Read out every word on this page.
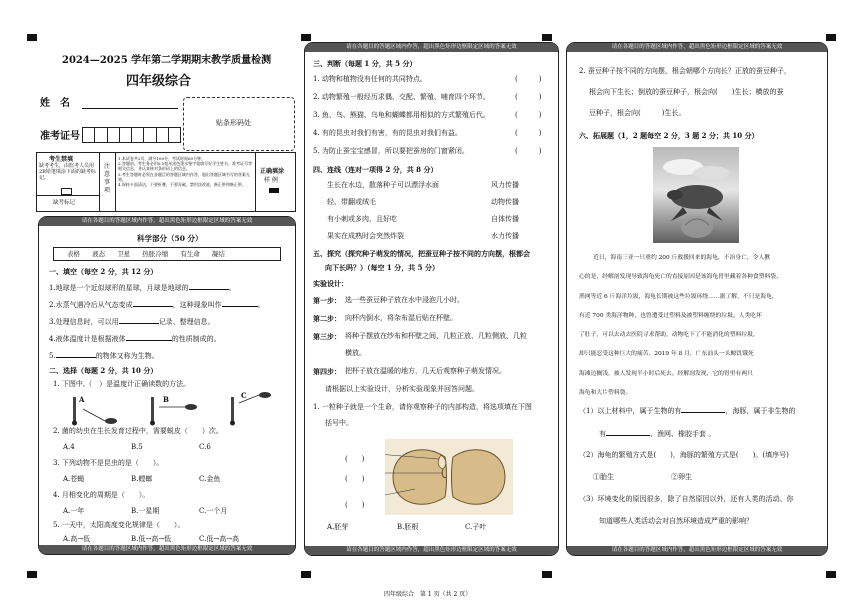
2024—2025 学年第二学期期末教学质量检测
四年级综合
姓　名
准考证号
贴条形码处
考生禁填
缺考考生，由监考人员用2B铅笔填涂下面的缺考标记。
缺考标记
注意事项
1.本试卷共2页，满分100分，考试时间60分钟。
2.答题前，考生务必用0.5毫米黑色墨水签字笔填写好学生姓名、准考证号等相关信息，并认真核对条形码上的信息。
3.考生答题时必须在各题目的答题区域内作答，超出答题区域书写的答案无效。
4.保持卡面清洁，不要折叠，不要弄破，禁用涂改液、修正带和修正带。
正确填涂
样 例
请在各题目的答题区域内作答，超出黑色矩形边框限定区域的答案无效
请在各题目的答题区域内作答，超出黑色矩形边框限定区域的答案无效
科学部分（50 分）
表格 液态 卫星 热胀冷缩 有生命 凝结
一、填空（每空 2 分，共 12 分）
1.地球是一个近似球形的星球，月球是地球的	。
2.水蒸气遇冷后从气态变成	，这种现象叫作	。
3.处理信息时，可以用	记录、整理信息。
4.液体温度计是根据液体	的性质制成的。
5.	的物体又称为生物。
二、选择（每题 2 分，共 10 分）
1. 下图中,（　）是温度计正确读数的方法。
A	B	C
2. 菌的幼虫在生长发育过程中，需要蜕皮（　　）次。
A.4	B.5	C.6
3. 下列动物不是昆虫的是（　　）。
A.苍蝇	B.螳螂	C.金鱼
4. 月相变化的周期是（　　）。
A.一年	B.一星期	C.一个月
5. 一天中，太阳高度变化规律是（　　）。
A.高→低	B.低→高→低	C.低→高→高
请在各题目的答题区域内作答，超出黑色矩形边框限定区域的答案无效
请在各题目的答题区域内作答，超出黑色矩形边框限定区域的答案无效
三、判断（每题 1 分，共 5 分）
1. 动物和植物没有任何的共同特点。	(　　　)
2. 动物繁殖一般经历求偶、交配、繁殖、哺育四个环节。	(　　　)
3. 鱼、鸟、熊猫、乌龟和蝴蝶都用相似的方式繁殖后代。	(　　　)
4. 有的昆虫对我们有害，有的昆虫对我们有益。	(　　　)
5. 为防止蚕宝宝感冒，所以要把蚕房的门窗紧闭。	(　　　)
四、连线（连对一项得 2 分，共 8 分）
生长在水边，散落种子可以漂浮水面	风力传播
轻、带翻或绒毛	动物传播
有小刺或多肉，且好吃	自体传播
果实在成熟时会突然炸裂	水力传播
五、探究（探究种子萌发的情况，把蚕豆种子按不同的方向摆，根都会
向下长吗？）（每空 1 分，共 5 分）
实验设计：
第一步： 选一些蚕豆种子放在水中浸泡几小时。
第二步： 向杯内倒水，将杂布湿后贴在杯壁。
第三步： 将种子摆放在纱布和杯壁之间，几粒正放、几粒侧放、几粒
横放。
第四步： 把杯子放在温暖的地方，几天后观察种子萌发情况。
请根据以上实验设计，分析实验现象并回答问题。
1. 一粒种子就是一个生命，请你观察种子的内部构造，将选项填在下图
括号中。
(　　)
(　　)
(　　)
A.胚芽	B.胚根	C.子叶
请在各题目的答题区域内作答，超出黑色矩形边框限定区域的答案无效
请在各题目的答题区域内作答，超出黑色矩形边框限定区域的答案无效
2. 蚕豆种子按不同的方向摆，根会朝哪个方向长？正放的蚕豆种子，
根会向下生长；倒放的蚕豆种子，根会向(　　)生长；横放的蚕
豆种子，根会向(　　　)生长。
六、拓展题（1，2 题每空 2 分，3 题 2 分；共 10 分）
近日，海南三亚一只重约 200 斤救援回来的海龟，不治身亡，令人揪
心的是，经解剖发现导致海龟死亡的直接原因是该海龟胃里藏着各种食塑料袋、
渔网等近 6 斤海洋垃圾，海龟长期被这些垃圾环绕……据了解，不只是海龟，
有近 700 类海洋物种，也曾遭受过塑料及被塑料缠绕的垃圾。人类吃坏
了肚子，可以去动去医院寻求帮助，动物吃下了不能消化的塑料垃圾，
却只能忍受这种巨大的痛苦。2019 年 8 月，广东汕头一头鲸饥饿死
海滩边搁浅，被人发现半小时后死去。经解剖发现，它的胃里有两只
海龟和大片塑料袋。
（1）以上材料中，属于生物的有	，海豚，属于非生物的
有	、渔网、橡胶手套 。
（2）海龟的繁殖方式是(　　)，海豚的繁殖方式是(　　)。(填序号)
①胎生	②卵生
（3）环境变化的原因很多，除了自然原因以外，还有人类的活动。你
知道哪些人类活动会对自然环境造成严重的影响？
四年级综合　第 1 页（共 2 页）
